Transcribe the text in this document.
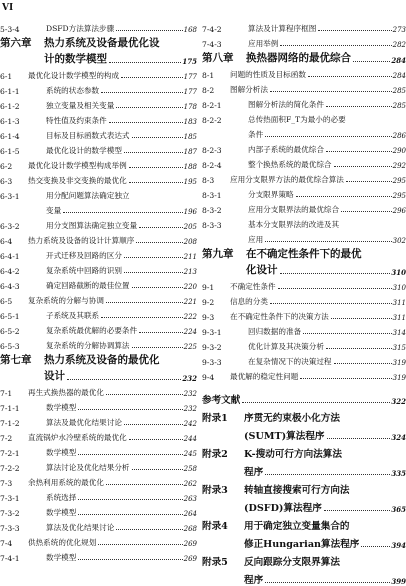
VI
5-3-4	DSFD方法算法步骤	168
第六章	热力系统及设备最优化设
计的数学模型	175
6-1	最优化设计数学模型的构成	177
6-1-1	系统的状态参数	177
6-1-2	独立变量及相关变量	178
6-1-3	特性值及约束条件	183
6-1-4	目标及目标函数式表达式	185
6-1-5	最优化设计的数学模型	187
6-2	最优化设计数学模型构成举例	188
6-3	热交变换及非交变换的最优化	195
6-3-1	用分配问题算法确定独立
变量	196
6-3-2	用分支图算法确定独立变量	205
6-4	热力系统及设备的设计计算顺序	208
6-4-1	开式迁移及回路的区分	211
6-4-2	复杂系统中回路的识别	213
6-4-3	确定回路截断的最佳位置	220
6-5	复杂系统的分解与协调	221
6-5-1	子系统及其联系	222
6-5-2	复杂系统最优解的必要条件	224
6-5-3	复杂系统的分解协调算法	225
第七章	热力系统及设备的最优化
设计	232
7-1	再生式换热器的最优化	232
7-1-1	数学模型	232
7-1-2	算法及最优化结果讨论	242
7-2	直流锅炉水冷壁系统的最优化	244
7-2-1	数学模型	245
7-2-2	算法讨论及优化结果分析	258
7-3	余热利用系统的最优化	262
7-3-1	系统选择	263
7-3-2	数学模型	264
7-3-3	算法及优化结果讨论	268
7-4	供热系统的优化规划	269
7-4-1	数学模型	269
7-4-2	算法及计算程序框图	273
7-4-3	应用举例	282
第八章	换热器网络的最优综合	284
8-1	问题的性质及目标函数	284
8-2	图解分析法	285
8-2-1	图解分析法的简化条件	285
8-2-2	总传热面积F_T为最小的必要
条件	286
8-2-3	内部子系统的最优综合	290
8-2-4	整个换热系统的最优综合	292
8-3	应用分支限界方法的最优综合算法	295
8-3-1	分支限界策略	295
8-3-2	应用分支限界法的最优综合	296
8-3-3	基本分支限界法的改进及其
应用	302
第九章	在不确定性条件下的最优
化设计	310
9-1	不确定性条件	310
9-2	信息的分类	311
9-3	在不确定性条件下的决策方法	311
9-3-1	回归数据的准备	314
9-3-2	优化计算及其决策分析	315
9-3-3	在复杂情况下的决策过程	319
9-4	最优解的稳定性问题	319
参考文献	322
附录1	序贯无约束极小化方法
(SUMT)算法程序	324
附录2	K-搜动可行方向法算法
程序	335
附录3	转轴直接搜索可行方向法
(DSFD)算法程序	365
附录4	用于确定独立变量集合的
修正Hungarian算法程序	394
附录5	反向跟踪分支限界算法
程序	399
